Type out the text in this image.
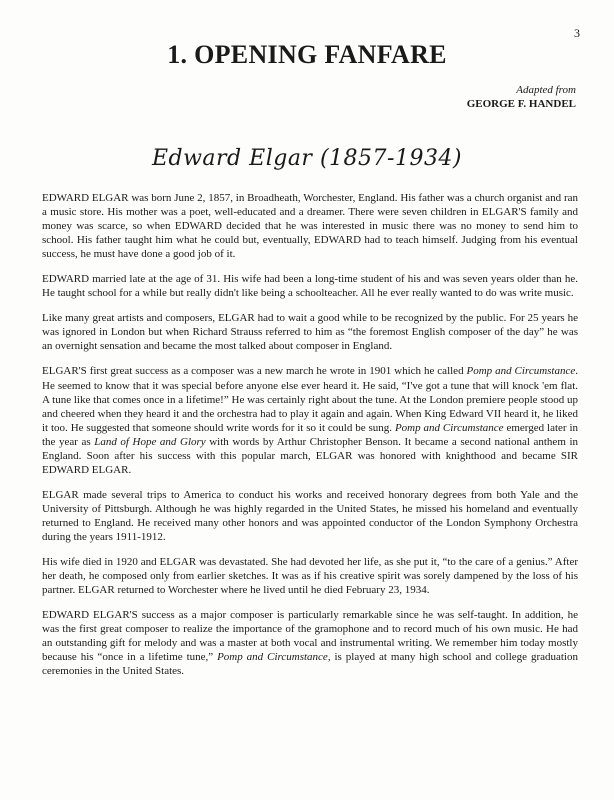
3
1. OPENING FANFARE
Adapted from
GEORGE F. HANDEL
Edward Elgar (1857-1934)

EDWARD ELGAR was born June 2, 1857, in Broadheath, Worchester, England. His father was a church organist and ran a music store. His mother was a poet, well-educated and a dreamer. There were seven children in ELGAR'S family and money was scarce, so when EDWARD decided that he was interested in music there was no money to send him to school. His father taught him what he could but, eventually, EDWARD had to teach himself. Judging from his eventual success, he must have done a good job of it.

EDWARD married late at the age of 31. His wife had been a long-time student of his and was seven years older than he. He taught school for a while but really didn't like being a schoolteacher. All he ever really wanted to do was write music.

Like many great artists and composers, ELGAR had to wait a good while to be recognized by the public. For 25 years he was ignored in London but when Richard Strauss referred to him as “the foremost English composer of the day” he was an overnight sensation and became the most talked about composer in England.

ELGAR'S first great success as a composer was a new march he wrote in 1901 which he called Pomp and Circumstance. He seemed to know that it was special before anyone else ever heard it. He said, “I've got a tune that will knock 'em flat. A tune like that comes once in a lifetime!” He was certainly right about the tune. At the London premiere people stood up and cheered when they heard it and the orchestra had to play it again and again. When King Edward VII heard it, he liked it too. He suggested that someone should write words for it so it could be sung. Pomp and Circumstance emerged later in the year as Land of Hope and Glory with words by Arthur Christopher Benson. It became a second national anthem in England. Soon after his success with this popular march, ELGAR was honored with knighthood and became SIR EDWARD ELGAR.

ELGAR made several trips to America to conduct his works and received honorary degrees from both Yale and the University of Pittsburgh. Although he was highly regarded in the United States, he missed his homeland and eventually returned to England. He received many other honors and was appointed conductor of the London Symphony Orchestra during the years 1911-1912.

His wife died in 1920 and ELGAR was devastated. She had devoted her life, as she put it, “to the care of a genius.” After her death, he composed only from earlier sketches. It was as if his creative spirit was sorely dampened by the loss of his partner. ELGAR returned to Worchester where he lived until he died February 23, 1934.

EDWARD ELGAR'S success as a major composer is particularly remarkable since he was self-taught. In addition, he was the first great composer to realize the importance of the gramophone and to record much of his own music. He had an outstanding gift for melody and was a master at both vocal and instrumental writing. We remember him today mostly because his “once in a lifetime tune,” Pomp and Circumstance, is played at many high school and college graduation ceremonies in the United States.
